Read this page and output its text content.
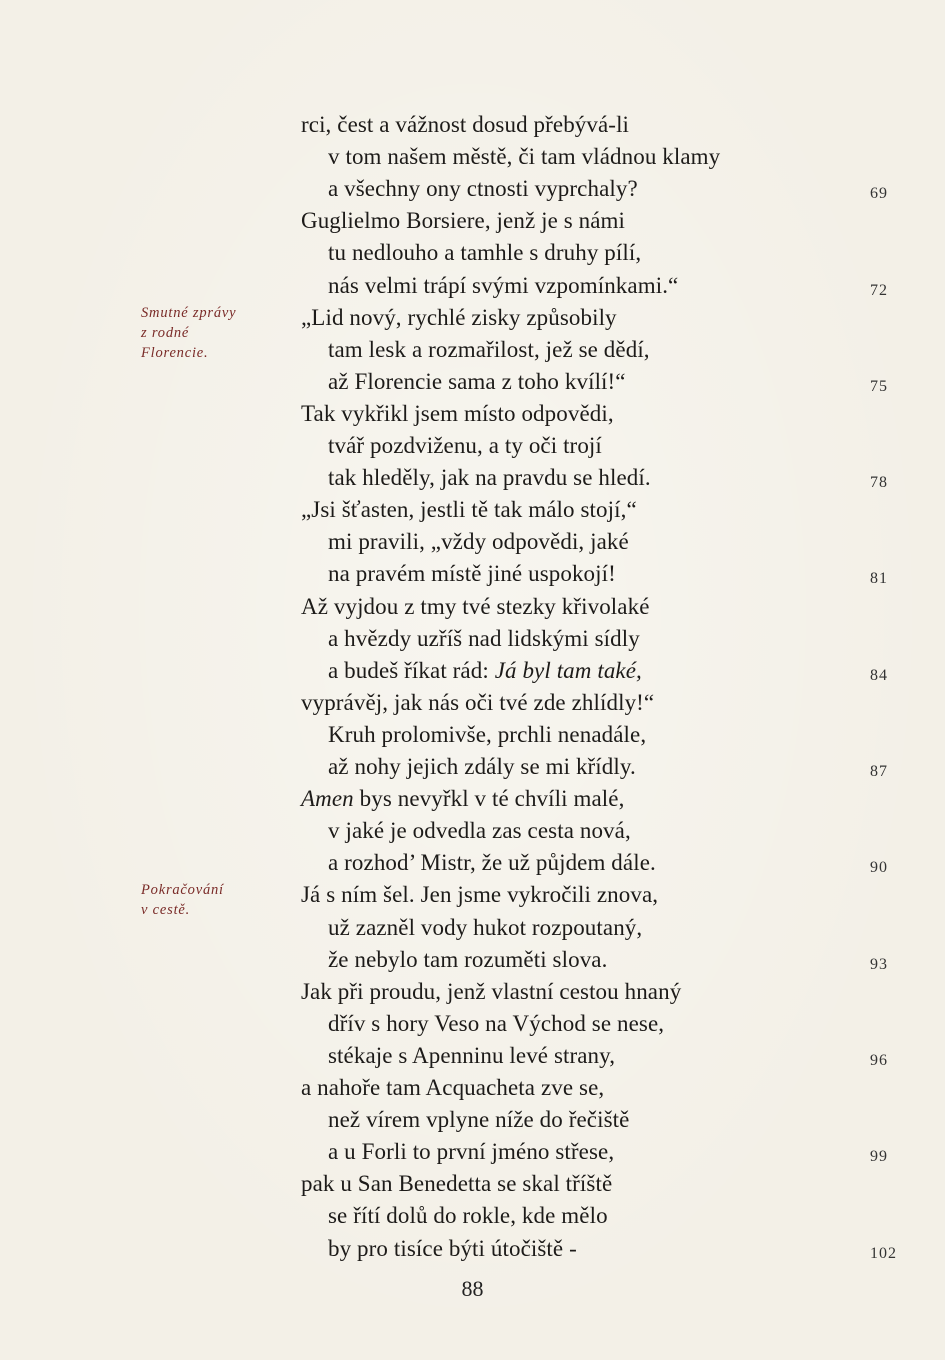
rci, čest a vážnost dosud přebývá-li
v tom našem městě, či tam vládnou klamy
a všechny ony ctnosti vyprchaly?	69
Guglielmo Borsiere, jenž je s námi
tu nedlouho a tamhle s druhy pílí,
nás velmi trápí svými vzpomínkami.“	72
„Lid nový, rychlé zisky způsobily
tam lesk a rozmařilost, jež se dědí,
až Florencie sama z toho kvílí!“	75
Tak vykřikl jsem místo odpovědi,
tvář pozdviženu, a ty oči trojí
tak hleděly, jak na pravdu se hledí.	78
„Jsi šťasten, jestli tě tak málo stojí,“
mi pravili, „vždy odpovědi, jaké
na pravém místě jiné uspokojí!	81
Až vyjdou z tmy tvé stezky křivolaké
a hvězdy uzříš nad lidskými sídly
a budeš říkat rád: Já byl tam také,	84
vyprávěj, jak nás oči tvé zde zhlídly!“
Kruh prolomivše, prchli nenadále,
až nohy jejich zdály se mi křídly.	87
Amen bys nevyřkl v té chvíli malé,
v jaké je odvedla zas cesta nová,
a rozhod’ Mistr, že už půjdem dále.	90
Já s ním šel. Jen jsme vykročili znova,
už zazněl vody hukot rozpoutaný,
že nebylo tam rozuměti slova.	93
Jak při proudu, jenž vlastní cestou hnaný
dřív s hory Veso na Východ se nese,
stékaje s Apenninu levé strany,	96
a nahoře tam Acquacheta zve se,
než vírem vplyne níže do řečiště
a u Forli to první jméno střese,	99
pak u San Benedetta se skal tříště
se řítí dolů do rokle, kde mělo
by pro tisíce býti útočiště -	102
Smutné zprávy
z rodné
Florencie.
Pokračování
v cestě.
88
